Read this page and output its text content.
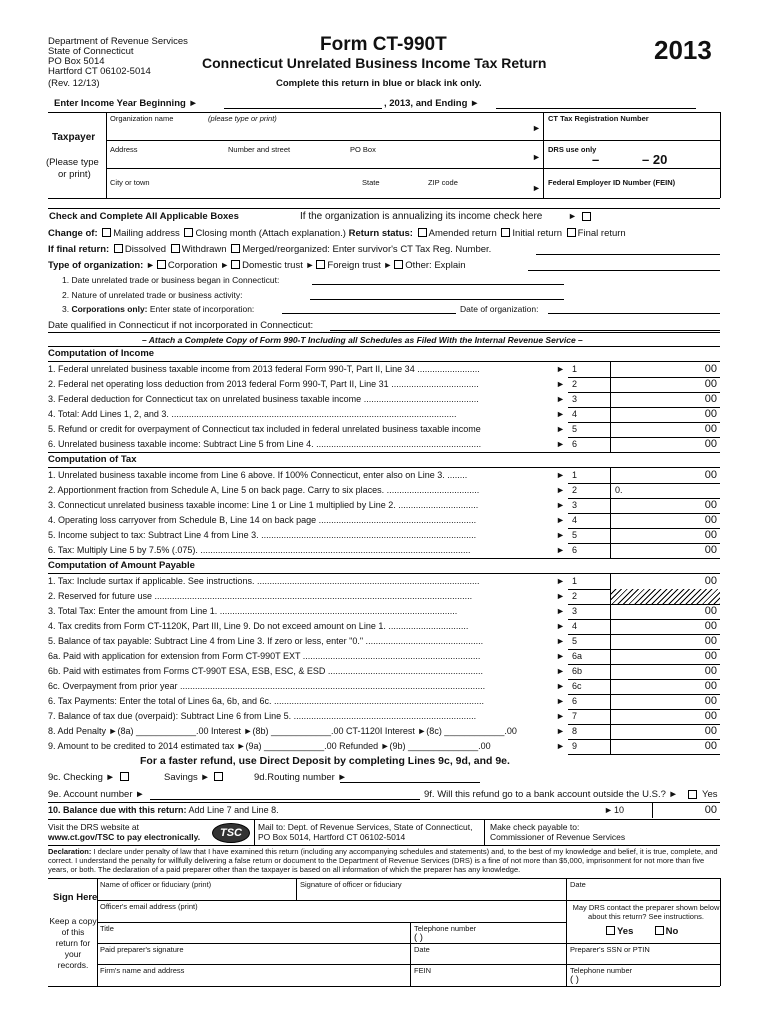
Department of Revenue Services
State of Connecticut
PO Box 5014
Hartford CT 06102-5014
(Rev. 12/13)
Form CT-990T
Connecticut Unrelated Business Income Tax Return
Complete this return in blue or black ink only.
2013
Enter Income Year Beginning ►	, 2013, and Ending ►
Taxpayer
(Please type
or print)
Organization name	(please type or print)
►
Address	Number and street	PO Box
►
City or town	State	ZIP code
►
CT Tax Registration Number
DRS use only
–	– 20
Federal Employer ID Number (FEIN)
Check and Complete All Applicable Boxes	If the organization is annualizing its income check here	►
Change of: Mailing address Closing month (Attach explanation.) Return status: Amended return Initial return Final return
If final return: Dissolved Withdrawn Merged/reorganized: Enter survivor's CT Tax Reg. Number.
Type of organization: ► Corporation ► Domestic trust ► Foreign trust ► Other: Explain
1. Date unrelated trade or business began in Connecticut:
2. Nature of unrelated trade or business activity:
3. Corporations only: Enter state of incorporation:	Date of organization:
Date qualified in Connecticut if not incorporated in Connecticut:
– Attach a Complete Copy of Form 990-T Including all Schedules as Filed With the Internal Revenue Service –
Computation of Income
1. Federal unrelated business taxable income from 2013 federal Form 990-T, Part II, Line 34 .........................	► 1	00
2. Federal net operating loss deduction from 2013 federal Form 990-T, Part II, Line 31 ...................................	► 2	00
3. Federal deduction for Connecticut tax on unrelated business taxable income ..............................................	► 3	00
4. Total: Add Lines 1, 2, and 3. ..................................................................................................................	► 4	00
5. Refund or credit for overpayment of Connecticut tax included in federal unrelated business taxable income	► 5	00
6. Unrelated business taxable income: Subtract Line 5 from Line 4. ..................................................................	► 6	00
Computation of Tax
1. Unrelated business taxable income from Line 6 above. If 100% Connecticut, enter also on Line 3. ........	► 1	00
2. Apportionment fraction from Schedule A, Line 5 on back page. Carry to six places. .....................................	► 2	0.
3. Connecticut unrelated business taxable income: Line 1 or Line 1 multiplied by Line 2. ................................	► 3	00
4. Operating loss carryover from Schedule B, Line 14 on back page ...............................................................	► 4	00
5. Income subject to tax: Subtract Line 4 from Line 3. ......................................................................................	► 5	00
6. Tax: Multiply Line 5 by 7.5% (.075). ............................................................................................................	► 6	00
Computation of Amount Payable
1. Tax: Include surtax if applicable. See instructions. .........................................................................................	► 1	00
2. Reserved for future use ...............................................................................................................................	► 2
3. Total Tax: Enter the amount from Line 1. ...............................................................................................	► 3	00
4. Tax credits from Form CT-1120K, Part III, Line 9. Do not exceed amount on Line 1. ................................	► 4	00
5. Balance of tax payable: Subtract Line 4 from Line 3. If zero or less, enter "0." ...............................................	► 5	00
6a. Paid with application for extension from Form CT-990T EXT .......................................................................	► 6a	00
6b. Paid with estimates from Forms CT-990T ESA, ESB, ESC, & ESD ..............................................................	► 6b	00
6c. Overpayment from prior year ..........................................................................................................................	► 6c	00
6. Tax Payments: Enter the total of Lines 6a, 6b, and 6c. ....................................................................................	► 6	00
7. Balance of tax due (overpaid): Subtract Line 6 from Line 5. .........................................................................	► 7	00
8. Add Penalty ►(8a) ____________.00 Interest ►(8b) ____________.00 CT-1120I Interest ►(8c) ____________.00	► 8	00
9. Amount to be credited to 2014 estimated tax ►(9a) ____________.00 Refunded ►(9b) ______________.00	► 9	00
For a faster refund, use Direct Deposit by completing Lines 9c, 9d, and 9e.
9c. Checking ►	Savings ►	9d.Routing number ►
9e. Account number ►	9f. Will this refund go to a bank account outside the U.S.? ►	Yes
10. Balance due with this return: Add Line 7 and Line 8.	► 10	00
Visit the DRS website at
www.ct.gov/TSC to pay electronically.	TSC	Mail to: Dept. of Revenue Services, State of Connecticut,
PO Box 5014, Hartford CT 06102-5014
Make check payable to:
Commissioner of Revenue Services
Declaration: I declare under penalty of law that I have examined this return (including any accompanying schedules and statements) and, to the best of my knowledge and belief, it is true, complete, and correct. I understand the penalty for willfully delivering a false return or document to the Department of Revenue Services (DRS) is a fine of not more than $5,000, imprisonment for not more than five years, or both. The declaration of a paid preparer other than the taxpayer is based on all information of which the preparer has any knowledge.
Sign Here
Keep a copy
of this
return for
your
records.
Name of officer or fiduciary (print)	Signature of officer or fiduciary	Date
Officer's email address (print)	May DRS contact the preparer shown below
about this return? See instructions.
Yes	No
Title	Telephone number
( )
Paid preparer's signature	Date	Preparer's SSN or PTIN
Firm's name and address	FEIN	Telephone number
( )
